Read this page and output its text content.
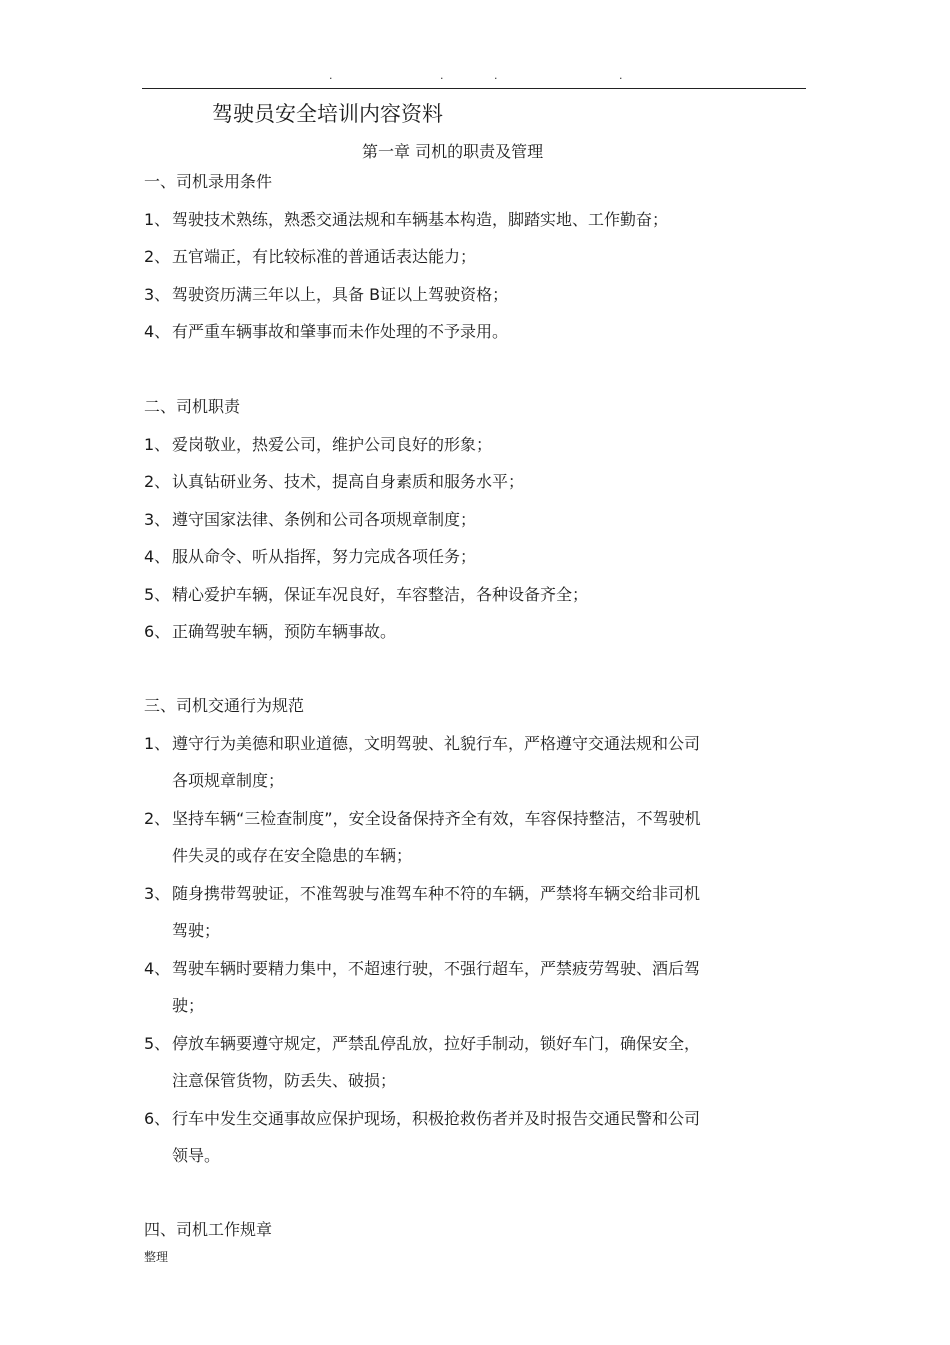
.	.	.	.
驾驶员安全培训内容资料
第一章 司机的职责及管理
一、司机录用条件
1、 驾驶技术熟练，熟悉交通法规和车辆基本构造，脚踏实地、工作勤奋；
2、 五官端正，有比较标准的普通话表达能力；
3、 驾驶资历满三年以上，具备 B证以上驾驶资格；
4、 有严重车辆事故和肇事而未作处理的不予录用。
二、司机职责
1、 爱岗敬业，热爱公司，维护公司良好的形象；
2、 认真钻研业务、技术，提高自身素质和服务水平；
3、 遵守国家法律、条例和公司各项规章制度；
4、 服从命令、听从指挥，努力完成各项任务；
5、 精心爱护车辆，保证车况良好，车容整洁，各种设备齐全；
6、 正确驾驶车辆，预防车辆事故。
三、司机交通行为规范
1、 遵守行为美德和职业道德，文明驾驶、礼貌行车，严格遵守交通法规和公司
各项规章制度；
2、 坚持车辆“三检查制度”，安全设备保持齐全有效，车容保持整洁，不驾驶机
件失灵的或存在安全隐患的车辆；
3、 随身携带驾驶证，不准驾驶与准驾车种不符的车辆，严禁将车辆交给非司机
驾驶；
4、 驾驶车辆时要精力集中，不超速行驶，不强行超车，严禁疲劳驾驶、酒后驾
驶；
5、 停放车辆要遵守规定，严禁乱停乱放，拉好手制动，锁好车门，确保安全，
注意保管货物，防丢失、破损；
6、 行车中发生交通事故应保护现场，积极抢救伤者并及时报告交通民警和公司
领导。
四、司机工作规章
整理
